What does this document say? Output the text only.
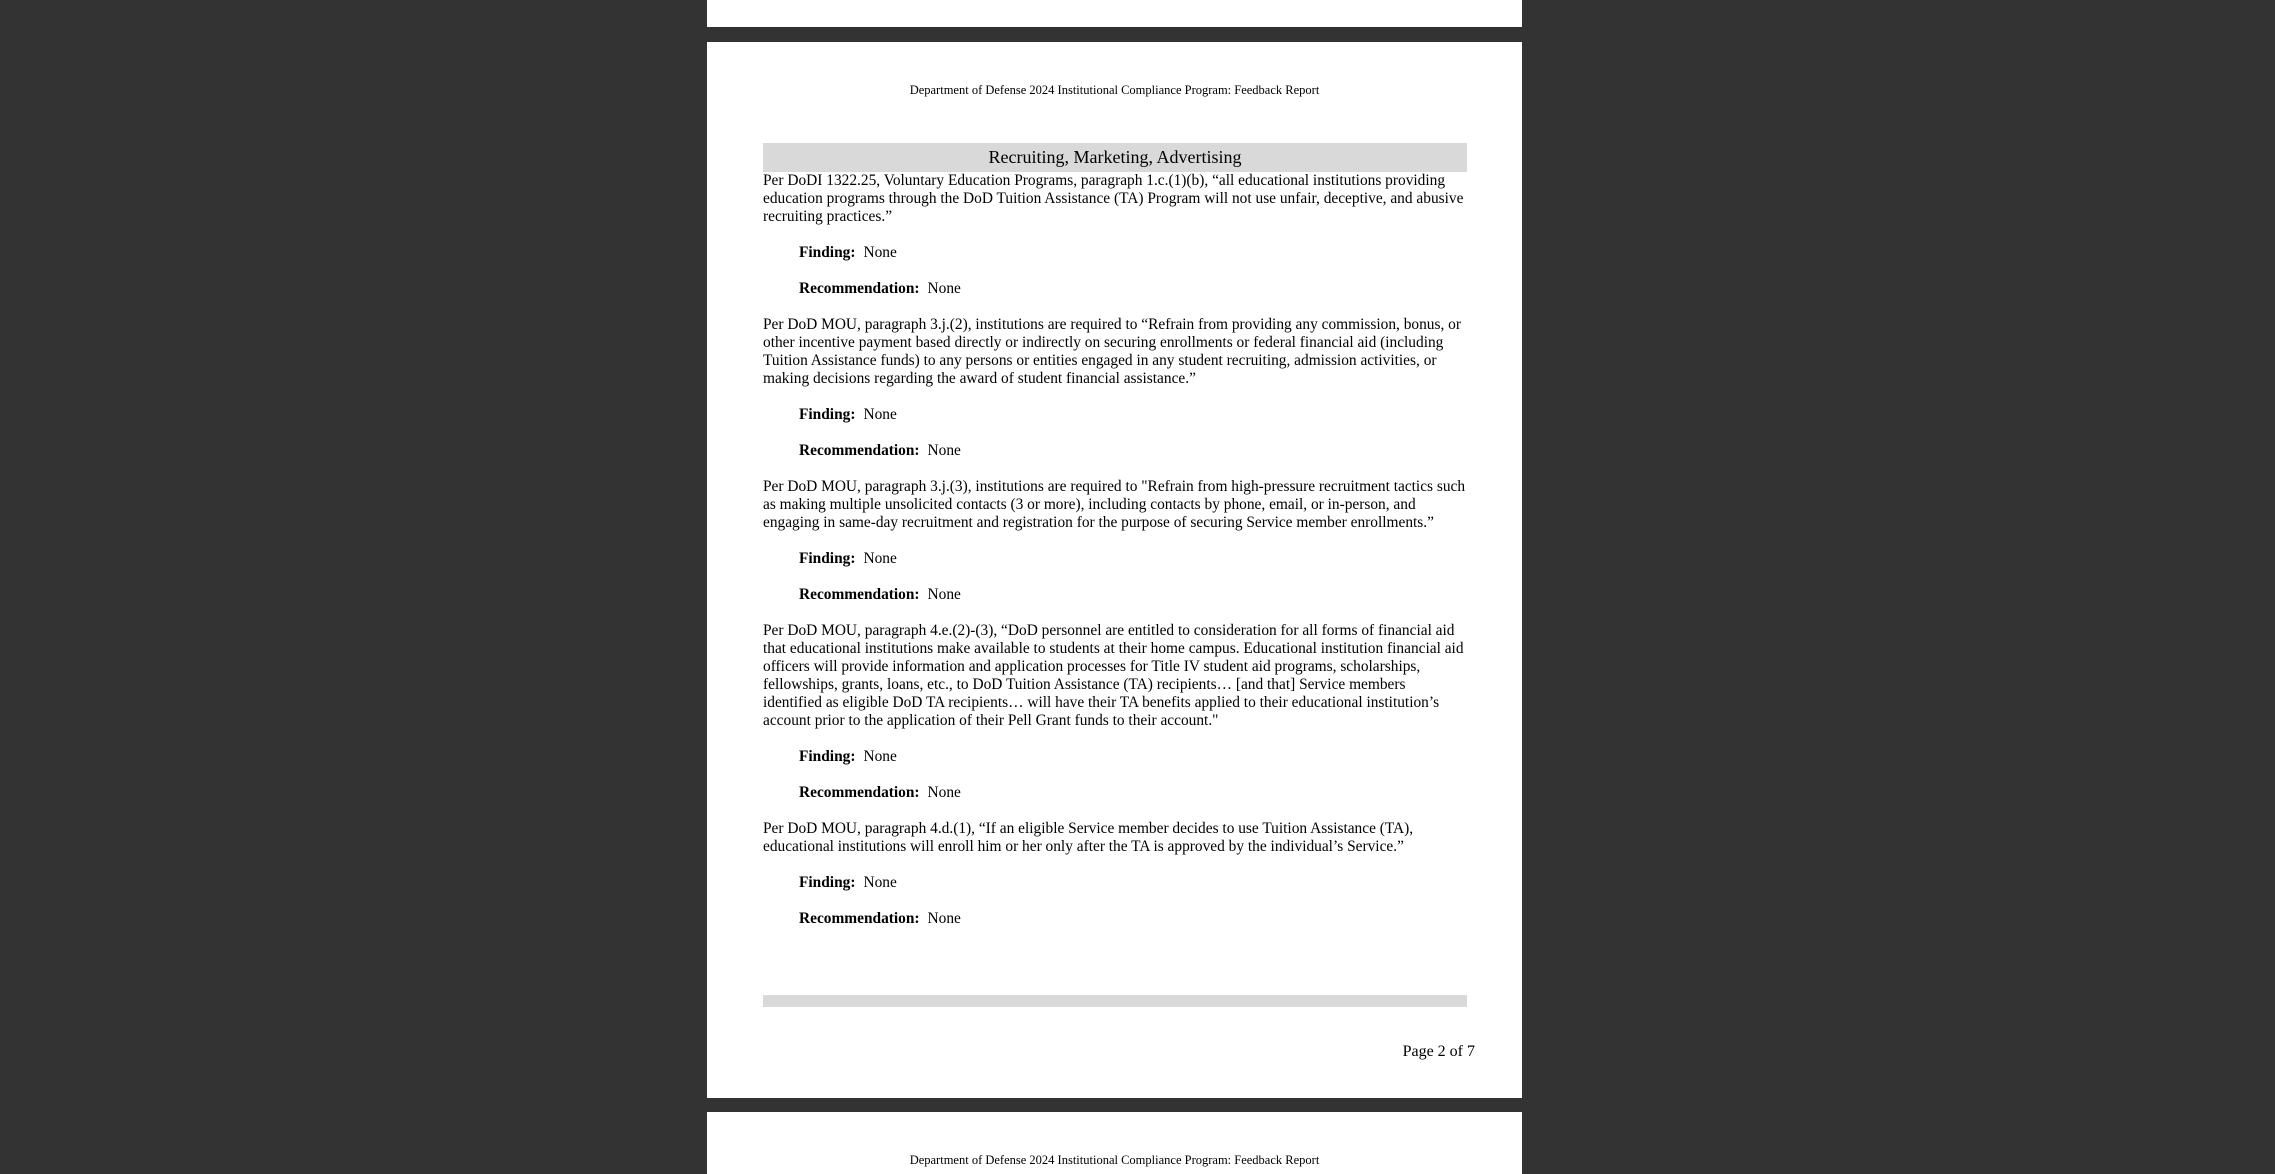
Department of Defense 2024 Institutional Compliance Program: Feedback Report
Recruiting, Marketing, Advertising

Per DoDI 1322.25, Voluntary Education Programs, paragraph 1.c.(1)(b), “all educational institutions providing education programs through the DoD Tuition Assistance (TA) Program will not use unfair, deceptive, and abusive recruiting practices.”

Finding: None
Recommendation: None

Per DoD MOU, paragraph 3.j.(2), institutions are required to “Refrain from providing any commission, bonus, or other incentive payment based directly or indirectly on securing enrollments or federal financial aid (including Tuition Assistance funds) to any persons or entities engaged in any student recruiting, admission activities, or making decisions regarding the award of student financial assistance.”

Finding: None
Recommendation: None

Per DoD MOU, paragraph 3.j.(3), institutions are required to "Refrain from high-pressure recruitment tactics such as making multiple unsolicited contacts (3 or more), including contacts by phone, email, or in-person, and engaging in same-day recruitment and registration for the purpose of securing Service member enrollments.”

Finding: None
Recommendation: None

Per DoD MOU, paragraph 4.e.(2)-(3), “DoD personnel are entitled to consideration for all forms of financial aid that educational institutions make available to students at their home campus. Educational institution financial aid officers will provide information and application processes for Title IV student aid programs, scholarships, fellowships, grants, loans, etc., to DoD Tuition Assistance (TA) recipients… [and that] Service members identified as eligible DoD TA recipients… will have their TA benefits applied to their educational institution’s account prior to the application of their Pell Grant funds to their account."

Finding: None
Recommendation: None

Per DoD MOU, paragraph 4.d.(1), “If an eligible Service member decides to use Tuition Assistance (TA), educational institutions will enroll him or her only after the TA is approved by the individual’s Service.”

Finding: None
Recommendation: None
Page 2 of 7
Department of Defense 2024 Institutional Compliance Program: Feedback Report
